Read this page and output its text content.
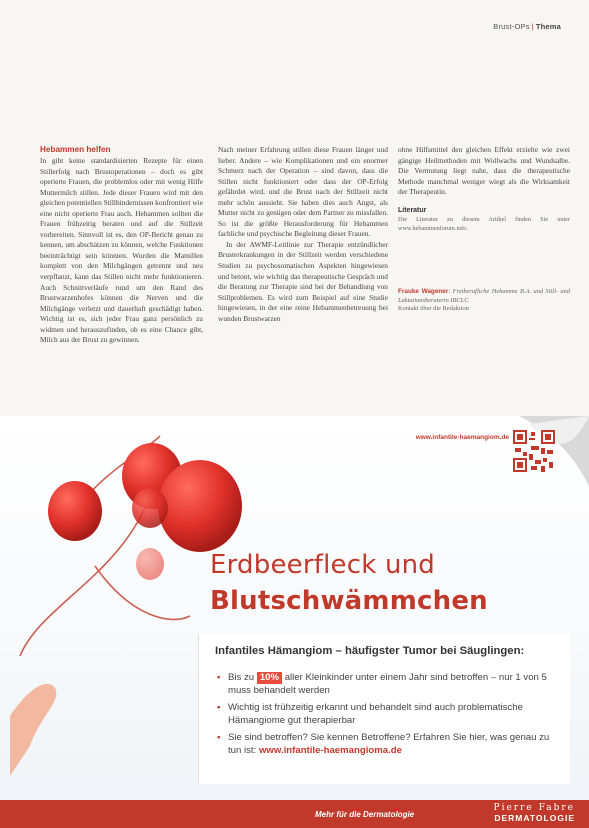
Brust-OPs | Thema

Hebammen helfen

In gibt keine standardisierten Rezepte für einen Stillerfolg nach Brustoperationen – doch es gibt operierte Frauen, die problemlos oder mit wenig Hilfe Muttermilch stillen. Jede dieser Frauen wird mit den gleichen potentiellen Stillhindernissen konfrontiert wie eine nicht operierte Frau auch. Hebammen sollten die Frauen frühzeitig beraten und auf die Stillzeit vorbereiten. Sinnvoll ist es, den OP-Bericht genau zu kennen, um abschätzen zu können, welche Funktionen beeinträchtigt sein könnten. Wurden die Mamillen komplett von den Milchgängen getrennt und neu verpflanzt, kann das Stillen nicht mehr funktionieren. Auch Schnittverläufe rund um den Rand des Brustwarzenhofes können die Nerven und die Milchgänge verletzt und dauerhaft geschädigt haben. Wichtig ist es, sich jeder Frau ganz persönlich zu widmen und herauszufinden, ob es eine Chance gibt, Milch aus der Brust zu gewinnen.

Nach meiner Erfahrung stillen diese Frauen länger und lieber. Andere – wie Komplikationen und ein enormer Schmerz nach der Operation – sind davon, dass die Stillen nicht funktioniert oder dass der OP-Erfolg gefährdet wird, und die Brust nach der Stillzeit nicht mehr schön aussieht. Sie haben dies auch Angst, als Mutter nicht zu genügen oder dem Partner zu missfallen. So ist die größte Herausforderung für Hebammen fachliche und psychische Begleitung dieser Frauen.

In der AWMF-Leitlinie zur Therapie entzündlicher Brusterkrankungen in der Stillzeit werden verschiedene Studien zu psychosomatischen Aspekten hingewiesen und betont, wie wichtig das therapeutische Gespräch und die Beratung zur Therapie sind bei der Behandlung von Stillproblemen. Es wird zum Beispiel auf eine Studie hingewiesen, in der eine reine Hebammenbetreuung bei wunden Brustwarzen

ohne Hilfsmittel den gleichen Effekt erzielte wie zwei gängige Heilmethoden mit Wollwachs und Wundsalbe. Die Vermutung liegt nahe, dass die therapeutische Methode manchmal weniger wiegt als die Wirksamkeit der Therapeutin.

Literatur

Die Literatur zu diesem Artikel finden Sie unter www.hebammenforum.info.

Frauke Wagener: Freiberufliche Hebamme B.A. und Still- und Laktationsberaterin IBCLC
Kontakt über die Redaktion

www.infantile-haemangiom.de
Erdbeerfleck und
Blutschwämmchen
Infantiles Hämangiom – häufigster Tumor bei Säuglingen:
• Bis zu 10% aller Kleinkinder unter einem Jahr sind betroffen – nur 1 von 5 muss behandelt werden
• Wichtig ist frühzeitig erkannt und behandelt sind auch problematische Hämangiome gut therapierbar
• Sie sind betroffen? Sie kennen Betroffene? Erfahren Sie hier, was genau zu tun ist: www.infantile-haemangioma.de
Mehr für die Dermatologie
Pierre Fabre
DERMATOLOGIE
